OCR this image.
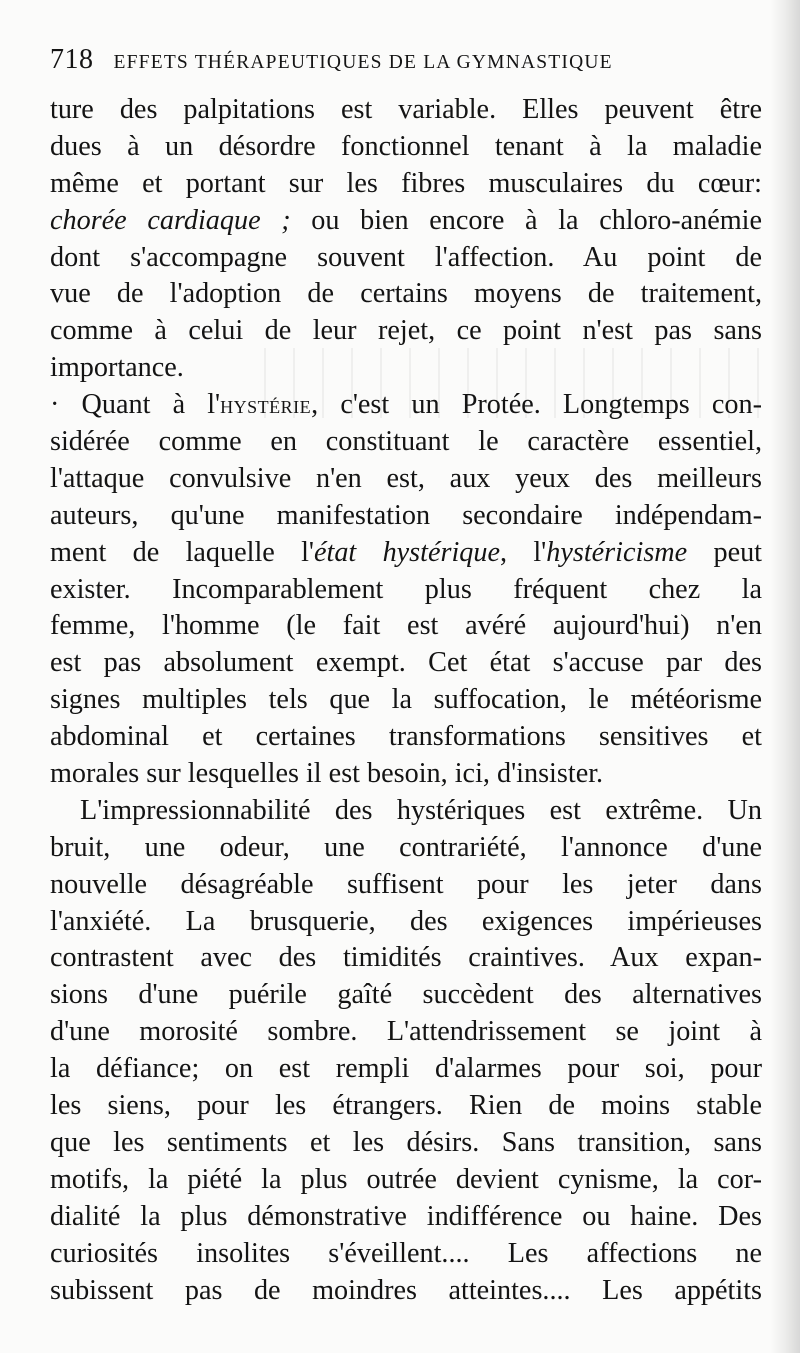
718 EFFETS THÉRAPEUTIQUES DE LA GYMNASTIQUE
ture des palpitations est variable. Elles peuvent être
dues à un désordre fonctionnel tenant à la maladie
même et portant sur les fibres musculaires du cœur:
chorée cardiaque ; ou bien encore à la chloro-anémie
dont s'accompagne souvent l'affection. Au point de
vue de l'adoption de certains moyens de traitement,
comme à celui de leur rejet, ce point n'est pas sans
importance.
· Quant à l'hystérie, c'est un Protée. Longtemps con-
sidérée comme en constituant le caractère essentiel,
l'attaque convulsive n'en est, aux yeux des meilleurs
auteurs, qu'une manifestation secondaire indépendam-
ment de laquelle l'état hystérique, l'hystéricisme peut
exister. Incomparablement plus fréquent chez la
femme, l'homme (le fait est avéré aujourd'hui) n'en
est pas absolument exempt. Cet état s'accuse par des
signes multiples tels que la suffocation, le météorisme
abdominal et certaines transformations sensitives et
morales sur lesquelles il est besoin, ici, d'insister.
L'impressionnabilité des hystériques est extrême. Un
bruit, une odeur, une contrariété, l'annonce d'une
nouvelle désagréable suffisent pour les jeter dans
l'anxiété. La brusquerie, des exigences impérieuses
contrastent avec des timidités craintives. Aux expan-
sions d'une puérile gaîté succèdent des alternatives
d'une morosité sombre. L'attendrissement se joint à
la défiance; on est rempli d'alarmes pour soi, pour
les siens, pour les étrangers. Rien de moins stable
que les sentiments et les désirs. Sans transition, sans
motifs, la piété la plus outrée devient cynisme, la cor-
dialité la plus démonstrative indifférence ou haine. Des
curiosités insolites s'éveillent.... Les affections ne
subissent pas de moindres atteintes.... Les appétits
